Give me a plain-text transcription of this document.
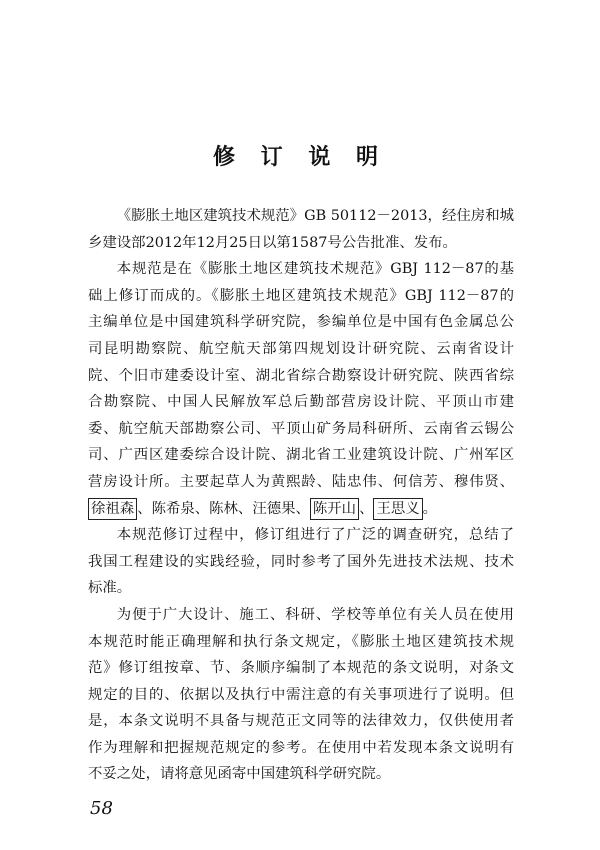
修 订 说 明

《膨胀土地区建筑技术规范》GB 50112－2013，经住房和城
乡建设部2012年12月25日以第1587号公告批准、发布。

本规范是在《膨胀土地区建筑技术规范》GBJ 112－87的基
础上修订而成的。《膨胀土地区建筑技术规范》GBJ 112－87的
主编单位是中国建筑科学研究院，参编单位是中国有色金属总公
司昆明勘察院、航空航天部第四规划设计研究院、云南省设计
院、个旧市建委设计室、湖北省综合勘察设计研究院、陕西省综
合勘察院、中国人民解放军总后勤部营房设计院、平顶山市建
委、航空航天部勘察公司、平顶山矿务局科研所、云南省云锡公
司、广西区建委综合设计院、湖北省工业建筑设计院、广州军区
营房设计所。主要起草人为黄熙龄、陆忠伟、何信芳、穆伟贤、
徐祖森 、陈希泉、陈林、汪德果、 陈开山 、 王思义 。

本规范修订过程中，修订组进行了广泛的调查研究，总结了
我国工程建设的实践经验，同时参考了国外先进技术法规、技术
标准。

为便于广大设计、施工、科研、学校等单位有关人员在使用
本规范时能正确理解和执行条文规定，《膨胀土地区建筑技术规
范》修订组按章、节、条顺序编制了本规范的条文说明，对条文
规定的目的、依据以及执行中需注意的有关事项进行了说明。但
是，本条文说明不具备与规范正文同等的法律效力，仅供使用者
作为理解和把握规范规定的参考。在使用中若发现本条文说明有
不妥之处，请将意见函寄中国建筑科学研究院。

58
